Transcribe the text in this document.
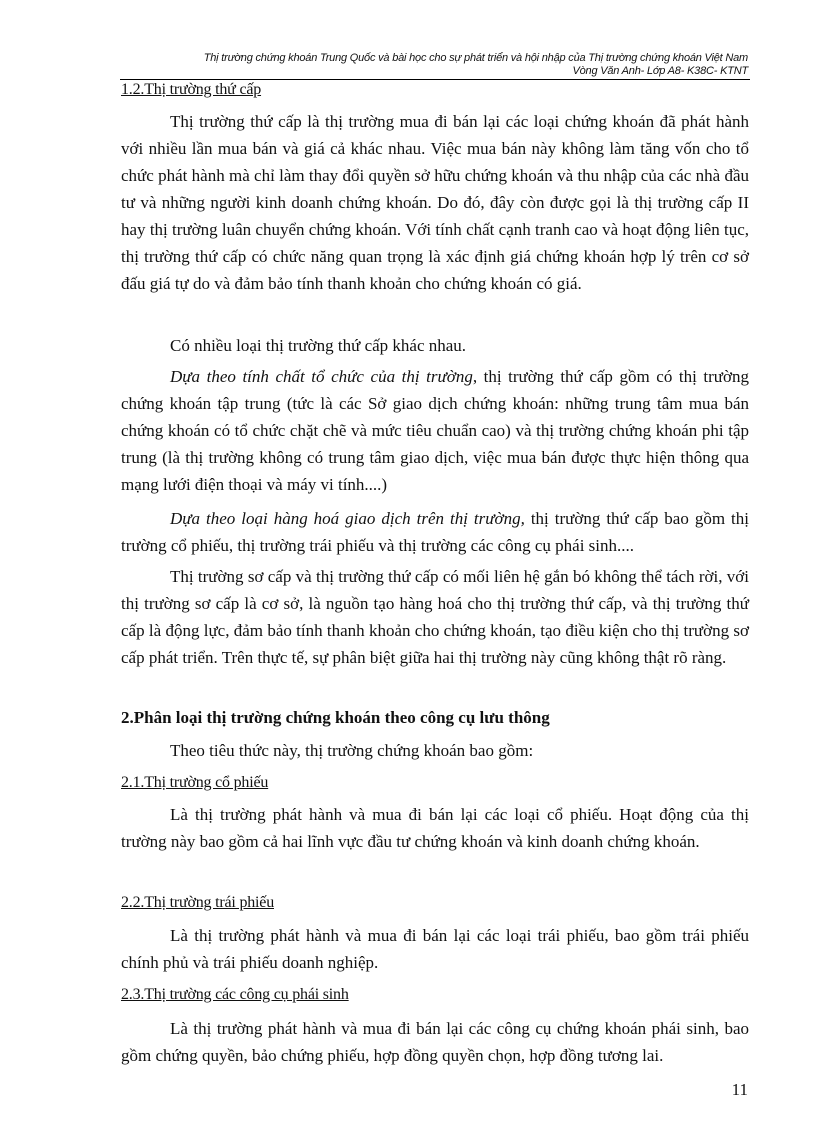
Thị trường chứng khoán Trung Quốc và bài học cho sự phát triển và hội nhập của Thị trường chứng khoán Việt Nam
Vòng Văn Anh- Lớp A8- K38C- KTNT
1.2.Thị trường thứ cấp
Thị trường thứ cấp là thị trường mua đi bán lại các loại chứng khoán đã phát hành với nhiều lần mua bán và giá cả khác nhau. Việc mua bán này không làm tăng vốn cho tổ chức phát hành mà chỉ làm thay đổi quyền sở hữu chứng khoán và thu nhập của các nhà đầu tư và những người kinh doanh chứng khoán. Do đó, đây còn được gọi là thị trường cấp II hay thị trường luân chuyển chứng khoán. Với tính chất cạnh tranh cao và hoạt động liên tục, thị trường thứ cấp có chức năng quan trọng là xác định giá chứng khoán hợp lý trên cơ sở đấu giá tự do và đảm bảo tính thanh khoản cho chứng khoán có giá.
Có nhiều loại thị trường thứ cấp khác nhau.
Dựa theo tính chất tổ chức của thị trường, thị trường thứ cấp gồm có thị trường chứng khoán tập trung (tức là các Sở giao dịch chứng khoán: những trung tâm mua bán chứng khoán có tổ chức chặt chẽ và mức tiêu chuẩn cao) và thị trường chứng khoán phi tập trung (là thị trường không có trung tâm giao dịch, việc mua bán được thực hiện thông qua mạng lưới điện thoại và máy vi tính....)
Dựa theo loại hàng hoá giao dịch trên thị trường, thị trường thứ cấp bao gồm thị trường cổ phiếu, thị trường trái phiếu và thị trường các công cụ phái sinh....
Thị trường sơ cấp và thị trường thứ cấp có mối liên hệ gắn bó không thể tách rời, với thị trường sơ cấp là cơ sở, là nguồn tạo hàng hoá cho thị trường thứ cấp, và thị trường thứ cấp là động lực, đảm bảo tính thanh khoản cho chứng khoán, tạo điều kiện cho thị trường sơ cấp phát triển. Trên thực tế, sự phân biệt giữa hai thị trường này cũng không thật rõ ràng.
2.Phân loại thị trường chứng khoán theo công cụ lưu thông
Theo tiêu thức này, thị trường chứng khoán bao gồm:
2.1.Thị trường cổ phiếu
Là thị trường phát hành và mua đi bán lại các loại cổ phiếu. Hoạt động của thị trường này bao gồm cả hai lĩnh vực đầu tư chứng khoán và kinh doanh chứng khoán.
2.2.Thị trường trái phiếu
Là thị trường phát hành và mua đi bán lại các loại trái phiếu, bao gồm trái phiếu chính phủ và trái phiếu doanh nghiệp.
2.3.Thị trường các công cụ phái sinh
Là thị trường phát hành và mua đi bán lại các công cụ chứng khoán phái sinh, bao gồm chứng quyền, bảo chứng phiếu, hợp đồng quyền chọn, hợp đồng tương lai.
11
